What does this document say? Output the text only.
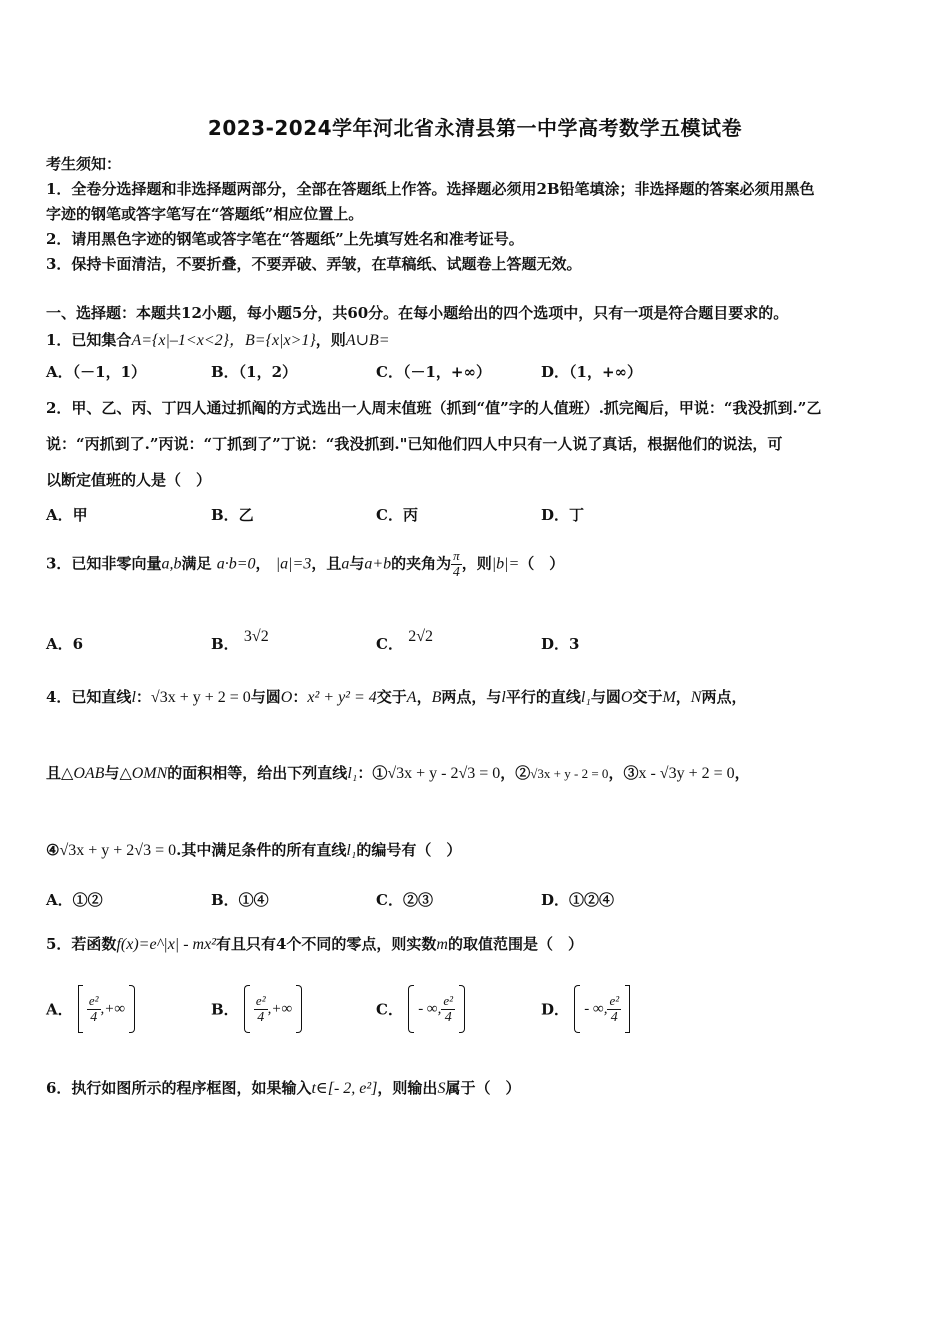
2023-2024学年河北省永清县第一中学高考数学五模试卷
考生须知：
1．全卷分选择题和非选择题两部分，全部在答题纸上作答。选择题必须用2B铅笔填涂；非选择题的答案必须用黑色
字迹的钢笔或答字笔写在“答题纸”相应位置上。
2．请用黑色字迹的钢笔或答字笔在“答题纸”上先填写姓名和准考证号。
3．保持卡面清洁，不要折叠，不要弄破、弄皱，在草稿纸、试题卷上答题无效。
一、选择题：本题共12小题，每小题5分，共60分。在每小题给出的四个选项中，只有一项是符合题目要求的。
1．已知集合A={x|–1<x<2}，B={x|x>1}，则A∪B=
A．（－1，1）	B．（1，2）	C．（－1，+∞）	D．（1，+∞）
2．甲、乙、丙、丁四人通过抓阄的方式选出一人周末值班（抓到“值”字的人值班）.抓完阄后，甲说：“我没抓到.”乙
说：“丙抓到了.”丙说：“丁抓到了”丁说：“我没抓到."已知他们四人中只有一人说了真话，根据他们的说法，可
以断定值班的人是（　）
A．甲	B．乙	C．丙	D．丁
3．已知非零向量a,b满足 a·b=0， |a|=3，且a与a+b的夹角为 $\frac{\pi}{4}$ ，则|b|=（　）
A．6	B． 3√2	C． 2√2	D．3
4．已知直线l：√3x + y + 2 = 0与圆O：x² + y² = 4交于A，B两点，与l平行的直线l₁与圆O交于M，N两点，
且△OAB与△OMN的面积相等，给出下列直线l₁：①√3x + y - 2√3 = 0，②√3x + y - 2 = 0，③x - √3y + 2 = 0，
④√3x + y + 2√3 = 0.其中满足条件的所有直线l₁的编号有（　）
A．①②	B．①④	C．②③	D．①②④
5．若函数f(x)=e^|x| - mx²有且只有4个不同的零点，则实数m的取值范围是（　）
A． $\frac{\text{e²}}{4}$ ,+∞	B． $\frac{\text{e²}}{4}$ ,+∞	C． - ∞, $\frac{\text{e²}}{4}$	D． - ∞, $\frac{\text{e²}}{4}$
6．执行如图所示的程序框图，如果输入t∈[- 2, e²]，则输出S属于（　）
